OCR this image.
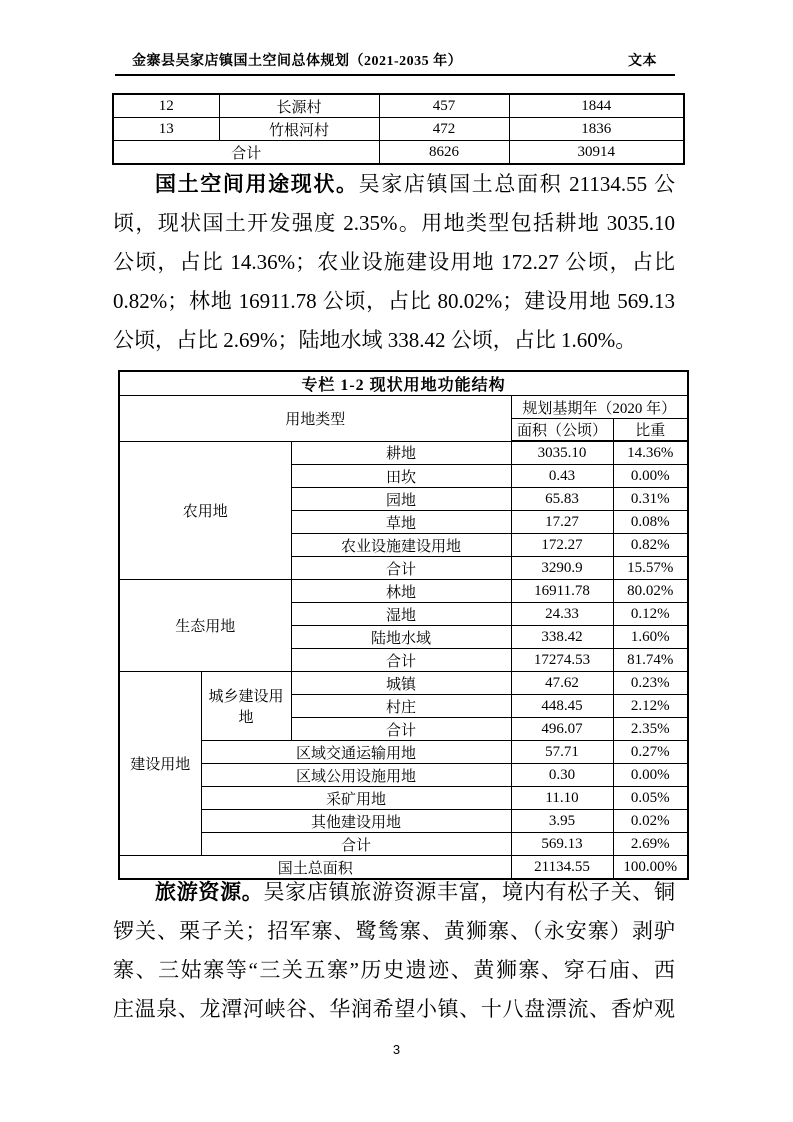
金寨县吴家店镇国土空间总体规划（2021-2035 年）	文本
12	长源村	457	1844
13	竹根河村	472	1836
合计		8626	30914
国土空间用途现状。吴家店镇国土总面积 21134.55 公
顷，现状国土开发强度 2.35%。用地类型包括耕地 3035.10
公顷，占比 14.36%；农业设施建设用地 172.27 公顷，占比
0.82%；林地 16911.78 公顷，占比 80.02%；建设用地 569.13
公顷，占比 2.69%；陆地水域 338.42 公顷，占比 1.60%。
专栏 1-2 现状用地功能结构				
用地类型			规划基期年（2020 年）	
			面积（公顷）	比重
农用地		耕地	3035.10	14.36%
		田坎	0.43	0.00%
		园地	65.83	0.31%
		草地	17.27	0.08%
		农业设施建设用地	172.27	0.82%
		合计	3290.9	15.57%
生态用地		林地	16911.78	80.02%
		湿地	24.33	0.12%
		陆地水域	338.42	1.60%
		合计	17274.53	81.74%
建设用地	城乡建设用地	城镇	47.62	0.23%
		村庄	448.45	2.12%
		合计	496.07	2.35%
	区域交通运输用地		57.71	0.27%
	区域公用设施用地		0.30	0.00%
	采矿用地		11.10	0.05%
	其他建设用地		3.95	0.02%
	合计		569.13	2.69%
国土总面积			21134.55	100.00%
旅游资源。吴家店镇旅游资源丰富，境内有松子关、铜
锣关、栗子关；招军寨、鹭鸶寨、黄狮寨、（永安寨）剥驴
寨、三姑寨等“三关五寨”历史遗迹、黄狮寨、穿石庙、西
庄温泉、龙潭河峡谷、华润希望小镇、十八盘漂流、香炉观
3
